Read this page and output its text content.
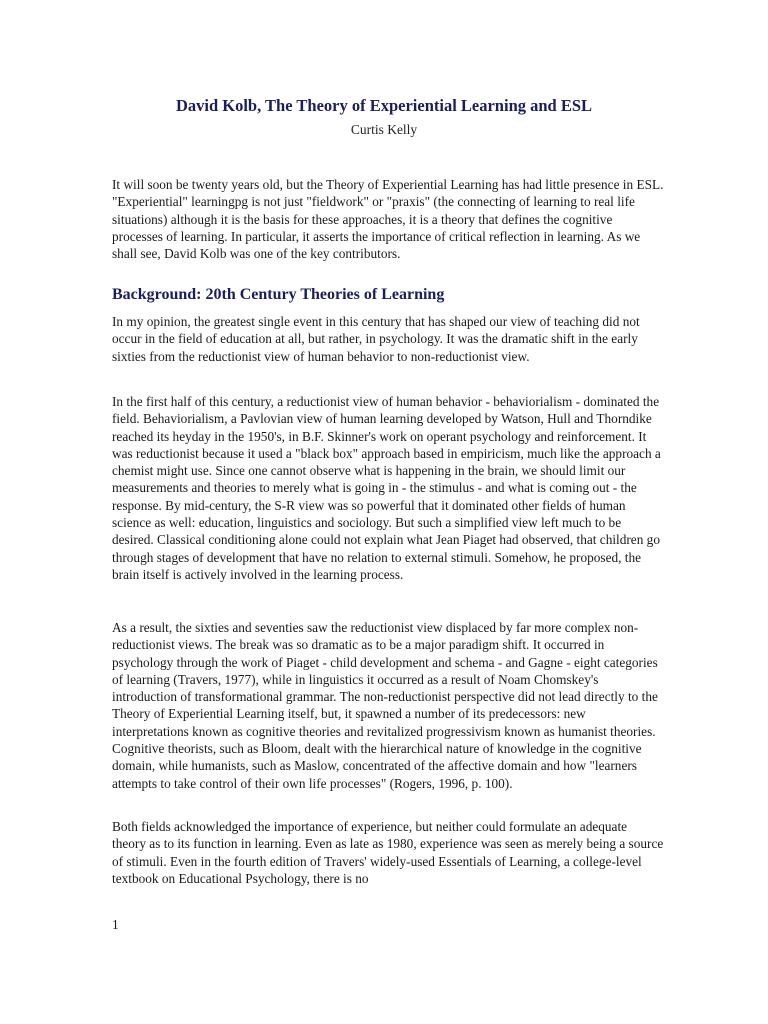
David Kolb, The Theory of Experiential Learning and ESL

Curtis Kelly

It will soon be twenty years old, but the Theory of Experiential Learning has had little presence in ESL. "Experiential" learningpg is not just "fieldwork" or "praxis" (the connecting of learning to real life situations) although it is the basis for these approaches, it is a theory that defines the cognitive processes of learning. In particular, it asserts the importance of critical reflection in learning. As we shall see, David Kolb was one of the key contributors.

Background: 20th Century Theories of Learning

In my opinion, the greatest single event in this century that has shaped our view of teaching did not occur in the field of education at all, but rather, in psychology. It was the dramatic shift in the early sixties from the reductionist view of human behavior to non-reductionist view.

In the first half of this century, a reductionist view of human behavior - behaviorialism - dominated the field. Behaviorialism, a Pavlovian view of human learning developed by Watson, Hull and Thorndike reached its heyday in the 1950's, in B.F. Skinner's work on operant psychology and reinforcement. It was reductionist because it used a "black box" approach based in empiricism, much like the approach a chemist might use. Since one cannot observe what is happening in the brain, we should limit our measurements and theories to merely what is going in - the stimulus - and what is coming out - the response. By mid-century, the S-R view was so powerful that it dominated other fields of human science as well: education, linguistics and sociology. But such a simplified view left much to be desired. Classical conditioning alone could not explain what Jean Piaget had observed, that children go through stages of development that have no relation to external stimuli. Somehow, he proposed, the brain itself is actively involved in the learning process.

As a result, the sixties and seventies saw the reductionist view displaced by far more complex non-reductionist views. The break was so dramatic as to be a major paradigm shift. It occurred in psychology through the work of Piaget - child development and schema - and Gagne - eight categories of learning (Travers, 1977), while in linguistics it occurred as a result of Noam Chomskey's introduction of transformational grammar. The non-reductionist perspective did not lead directly to the Theory of Experiential Learning itself, but, it spawned a number of its predecessors: new interpretations known as cognitive theories and revitalized progressivism known as humanist theories. Cognitive theorists, such as Bloom, dealt with the hierarchical nature of knowledge in the cognitive domain, while humanists, such as Maslow, concentrated of the affective domain and how "learners attempts to take control of their own life processes" (Rogers, 1996, p. 100).

Both fields acknowledged the importance of experience, but neither could formulate an adequate theory as to its function in learning. Even as late as 1980, experience was seen as merely being a source of stimuli. Even in the fourth edition of Travers' widely-used Essentials of Learning, a college-level textbook on Educational Psychology, there is no

1
